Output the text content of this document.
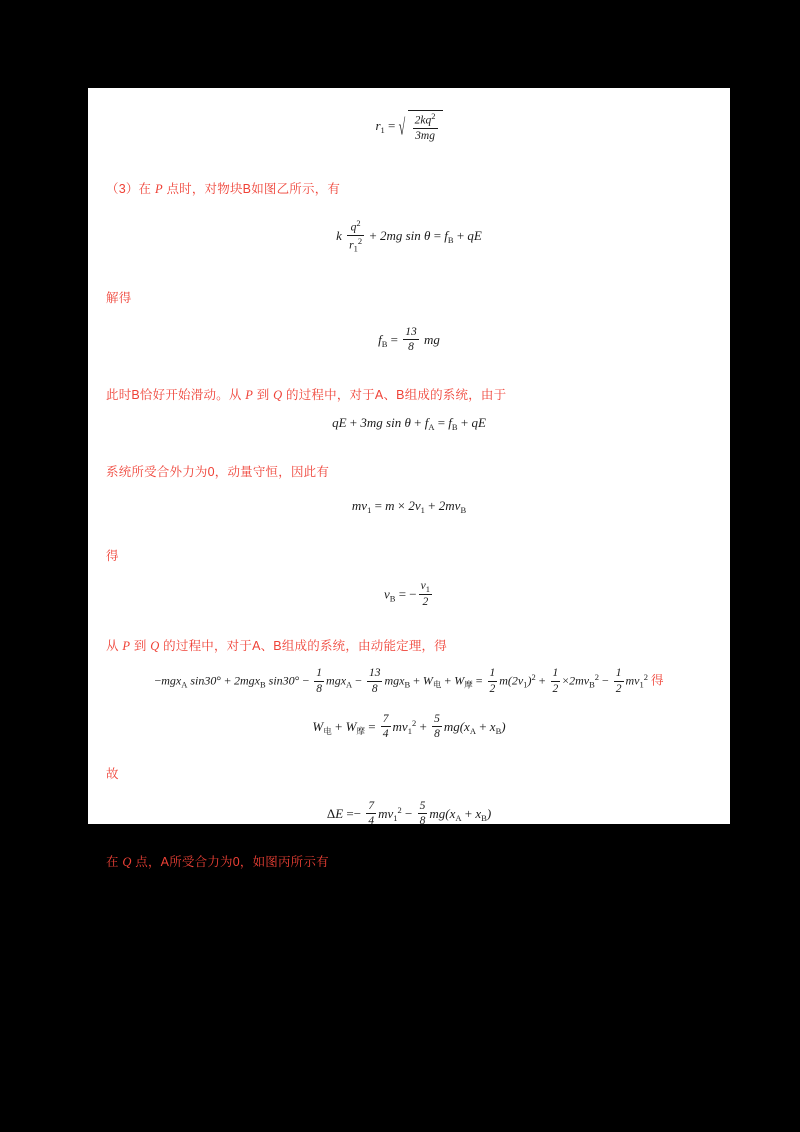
$r_1$ = √ $\frac{2kq^2}{3mg}$
（3）在 P 点时，对物块B如图乙所示，有
k $\frac{q^2}{r_1^2} + 2mg$ $\sin \theta = f_B$ + qE
解得
$f_B = \frac{13}{8}$ mg
此时B恰好开始滑动。从 P 到 Q 的过程中，对于A、B组成的系统，由于
qE + 3mg $\sin \theta + f_A = f_B$ + qE
系统所受合外力为0，动量守恒，因此有
$mv_1 = m \times 2v_1 + 2mv_B$
得
$v_B$ = − $\frac{v_1}{2}$
从 P 到 Q 的过程中，对于A、B组成的系统，由动能定理，得
−mgx$_A$ sin30° + 2mgx$_B$ $\sin 30^\circ - \frac{1}{8} mgx_A - \frac{13}{8} mgx_B + W_电 + W_摩 = \frac{1}{2} m(2v_1)^2 + \frac{1}{2} \times 2mv_B^2 - \frac{1}{2} mv_1^2$ 得
$W_电 + W_摩 = \frac{7}{4} mv_1^2 + \frac{5}{8} mg(x_A + x_B)$
故
$\Delta E =- \frac{7}{4} mv_1^2 - \frac{5}{8} mg(x_A + x_B)$
在 Q 点，A所受合力为0，如图丙所示有
